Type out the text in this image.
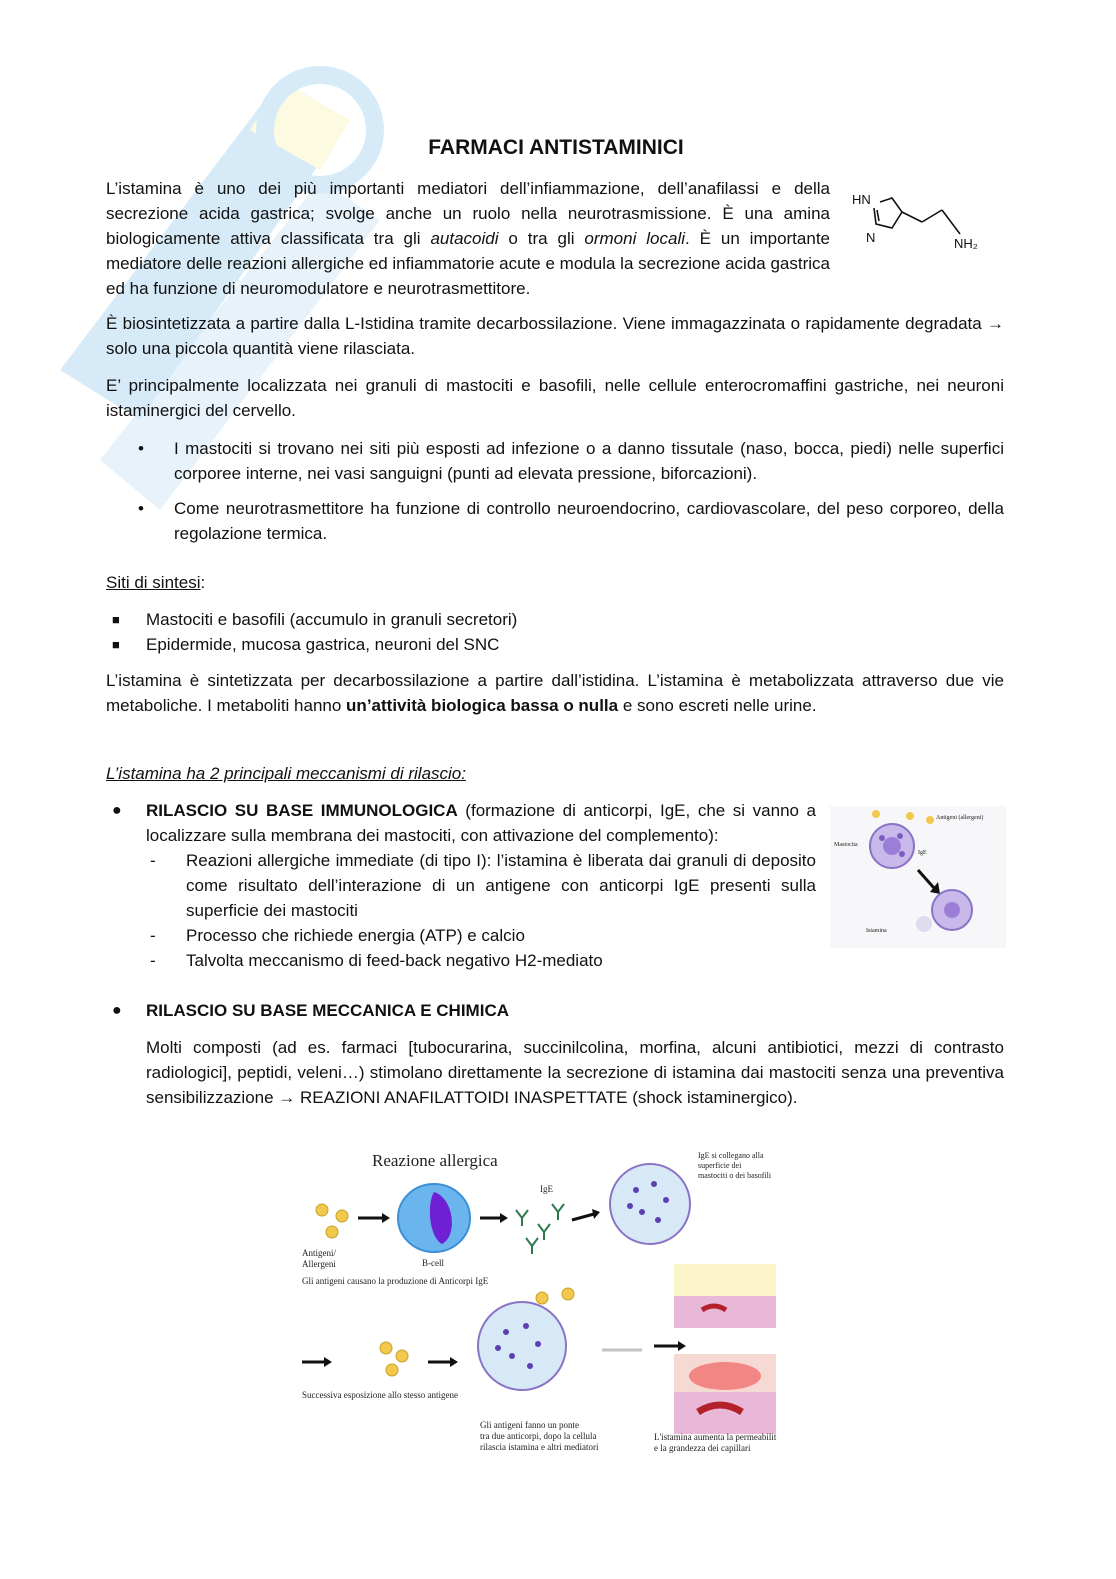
FARMACI ANTISTAMINICI

L’istamina è uno dei più importanti mediatori dell’infiammazione, dell’anafilassi e della secrezione acida gastrica; svolge anche un ruolo nella neurotrasmissione. È una amina biologicamente attiva classificata tra gli autacoidi o tra gli ormoni locali. È un importante mediatore delle reazioni allergiche ed infiammatorie acute e modula la secrezione acida gastrica ed ha funzione di neuromodulatore e neurotrasmettitore.

HN
N	NH₂

È biosintetizzata a partire dalla L-Istidina tramite decarbossilazione. Viene immagazzinata o rapidamente degradata → solo una piccola quantità viene rilasciata.

E’ principalmente localizzata nei granuli di mastociti e basofili, nelle cellule enterocromaffini gastriche, nei neuroni istaminergici del cervello.

• I mastociti si trovano nei siti più esposti ad infezione o a danno tissutale (naso, bocca, piedi) nelle superfici corporee interne, nei vasi sanguigni (punti ad elevata pressione, biforcazioni).
• Come neurotrasmettitore ha funzione di controllo neuroendocrino, cardiovascolare, del peso corporeo, della regolazione termica.

Siti di sintesi:

■ Mastociti e basofili (accumulo in granuli secretori)
■ Epidermide, mucosa gastrica, neuroni del SNC

L’istamina è sintetizzata per decarbossilazione a partire dall’istidina. L’istamina è metabolizzata attraverso due vie metaboliche. I metaboliti hanno un’attività biologica bassa o nulla e sono escreti nelle urine.

L’istamina ha 2 principali meccanismi di rilascio:

● RILASCIO SU BASE IMMUNOLOGICA (formazione di anticorpi, IgE, che si vanno a localizzare sulla membrana dei mastociti, con attivazione del complemento):
- Reazioni allergiche immediate (di tipo I): l’istamina è liberata dai granuli di deposito come risultato dell’interazione di un antigene con anticorpi IgE presenti sulla superficie dei mastociti
- Processo che richiede energia (ATP) e calcio
- Talvolta meccanismo di feed-back negativo H2-mediato
Antigeni (allergeni)
Mastocita
IgE
Istamina
● RILASCIO SU BASE MECCANICA E CHIMICA

Molti composti (ad es. farmaci [tubocurarina, succinilcolina, morfina, alcuni antibiotici, mezzi di contrasto radiologici], peptidi, veleni…) stimolano direttamente la secrezione di istamina dai mastociti senza una preventiva sensibilizzazione → REAZIONI ANAFILATTOIDI INASPETTATE (shock istaminergico).

Reazione allergica
Antigeni/
Allergeni	B-cell
IgE
IgE si collegano alla
superficie dei
mastociti o dei basofili
Gli antigeni causano la produzione di Anticorpi IgE
Successiva esposizione allo stesso antigene
Gli antigeni fanno un ponte
tra due anticorpi, dopo la cellula
rilascia istamina e altri mediatori
L'istamina aumenta la permeabilit
e la grandezza dei capillari
